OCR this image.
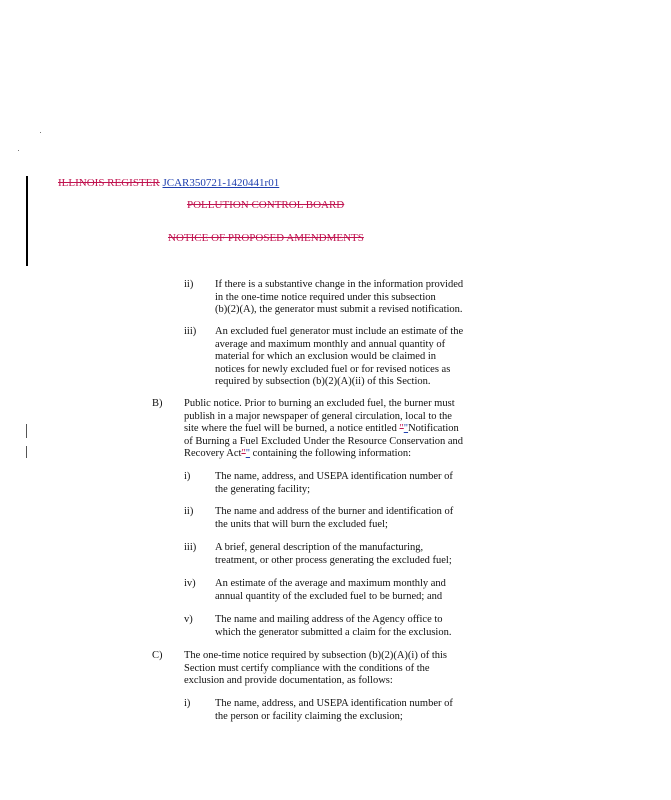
ILLINOIS REGISTER JCAR350721-1420441r01
POLLUTION CONTROL BOARD
NOTICE OF PROPOSED AMENDMENTS
ii) If there is a substantive change in the information provided
in the one-time notice required under this subsection
(b)(2)(A), the generator must submit a revised notification.
iii) An excluded fuel generator must include an estimate of the
average and maximum monthly and annual quantity of
material for which an exclusion would be claimed in
notices for newly excluded fuel or for revised notices as
required by subsection (b)(2)(A)(ii) of this Section.
B) Public notice. Prior to burning an excluded fuel, the burner must
publish in a major newspaper of general circulation, local to the
site where the fuel will be burned, a notice entitled ""Notification
of Burning a Fuel Excluded Under the Resource Conservation and
Recovery Act"" containing the following information:
i) The name, address, and USEPA identification number of
the generating facility;
ii) The name and address of the burner and identification of
the units that will burn the excluded fuel;
iii) A brief, general description of the manufacturing,
treatment, or other process generating the excluded fuel;
iv) An estimate of the average and maximum monthly and
annual quantity of the excluded fuel to be burned; and
v) The name and mailing address of the Agency office to
which the generator submitted a claim for the exclusion.
C) The one-time notice required by subsection (b)(2)(A)(i) of this
Section must certify compliance with the conditions of the
exclusion and provide documentation, as follows:
i) The name, address, and USEPA identification number of
the person or facility claiming the exclusion;
